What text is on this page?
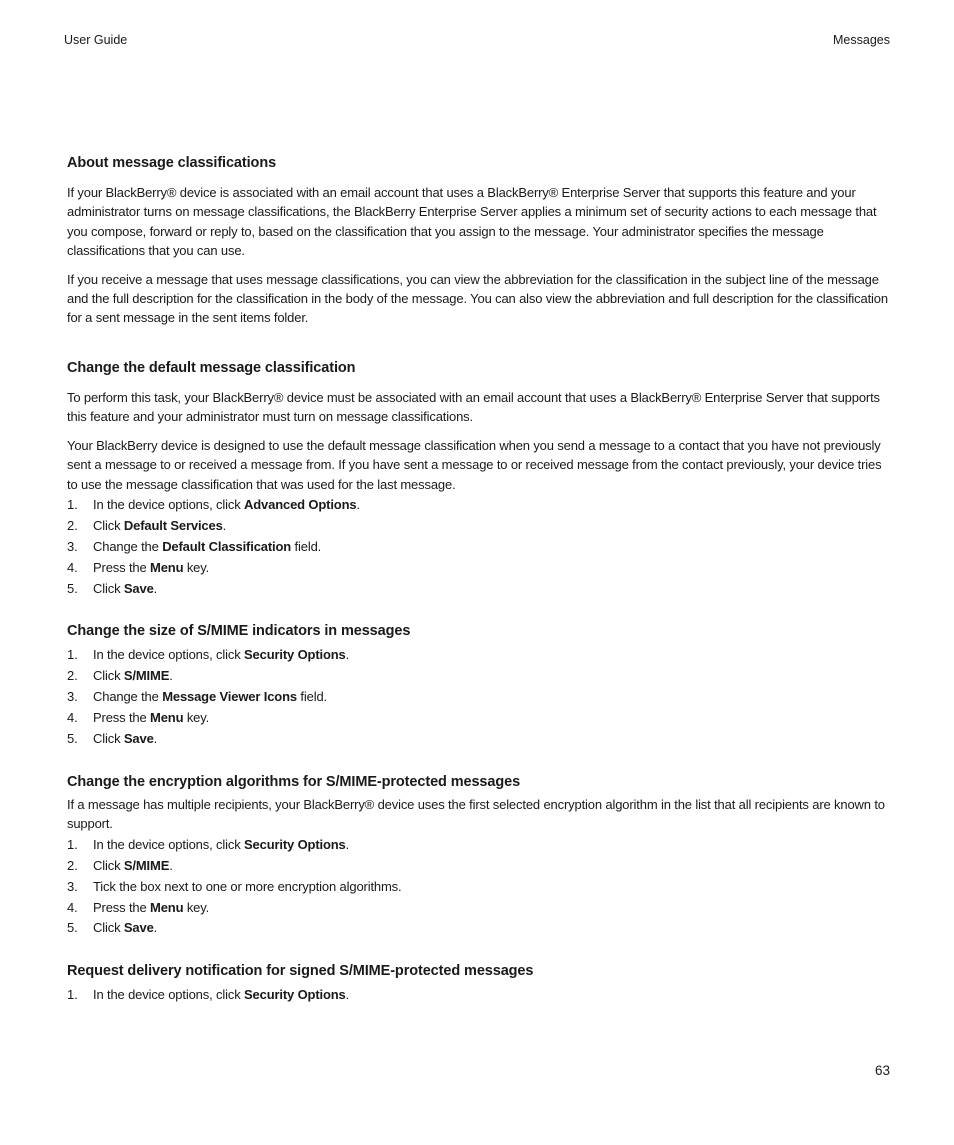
User Guide	Messages
About message classifications

If your BlackBerry® device is associated with an email account that uses a BlackBerry® Enterprise Server that supports this feature and your administrator turns on message classifications, the BlackBerry Enterprise Server applies a minimum set of security actions to each message that you compose, forward or reply to, based on the classification that you assign to the message. Your administrator specifies the message classifications that you can use.

If you receive a message that uses message classifications, you can view the abbreviation for the classification in the subject line of the message and the full description for the classification in the body of the message. You can also view the abbreviation and full description for the classification for a sent message in the sent items folder.

Change the default message classification

To perform this task, your BlackBerry® device must be associated with an email account that uses a BlackBerry® Enterprise Server that supports this feature and your administrator must turn on message classifications.

Your BlackBerry device is designed to use the default message classification when you send a message to a contact that you have not previously sent a message to or received a message from. If you have sent a message to or received message from the contact previously, your device tries to use the message classification that was used for the last message.

1. In the device options, click Advanced Options.
2. Click Default Services.
3. Change the Default Classification field.
4. Press the Menu key.
5. Click Save.
Change the size of S/MIME indicators in messages
1. In the device options, click Security Options.
2. Click S/MIME.
3. Change the Message Viewer Icons field.
4. Press the Menu key.
5. Click Save.
Change the encryption algorithms for S/MIME-protected messages

If a message has multiple recipients, your BlackBerry® device uses the first selected encryption algorithm in the list that all recipients are known to support.

1. In the device options, click Security Options.
2. Click S/MIME.
3. Tick the box next to one or more encryption algorithms.
4. Press the Menu key.
5. Click Save.
Request delivery notification for signed S/MIME-protected messages
1. In the device options, click Security Options.
63
